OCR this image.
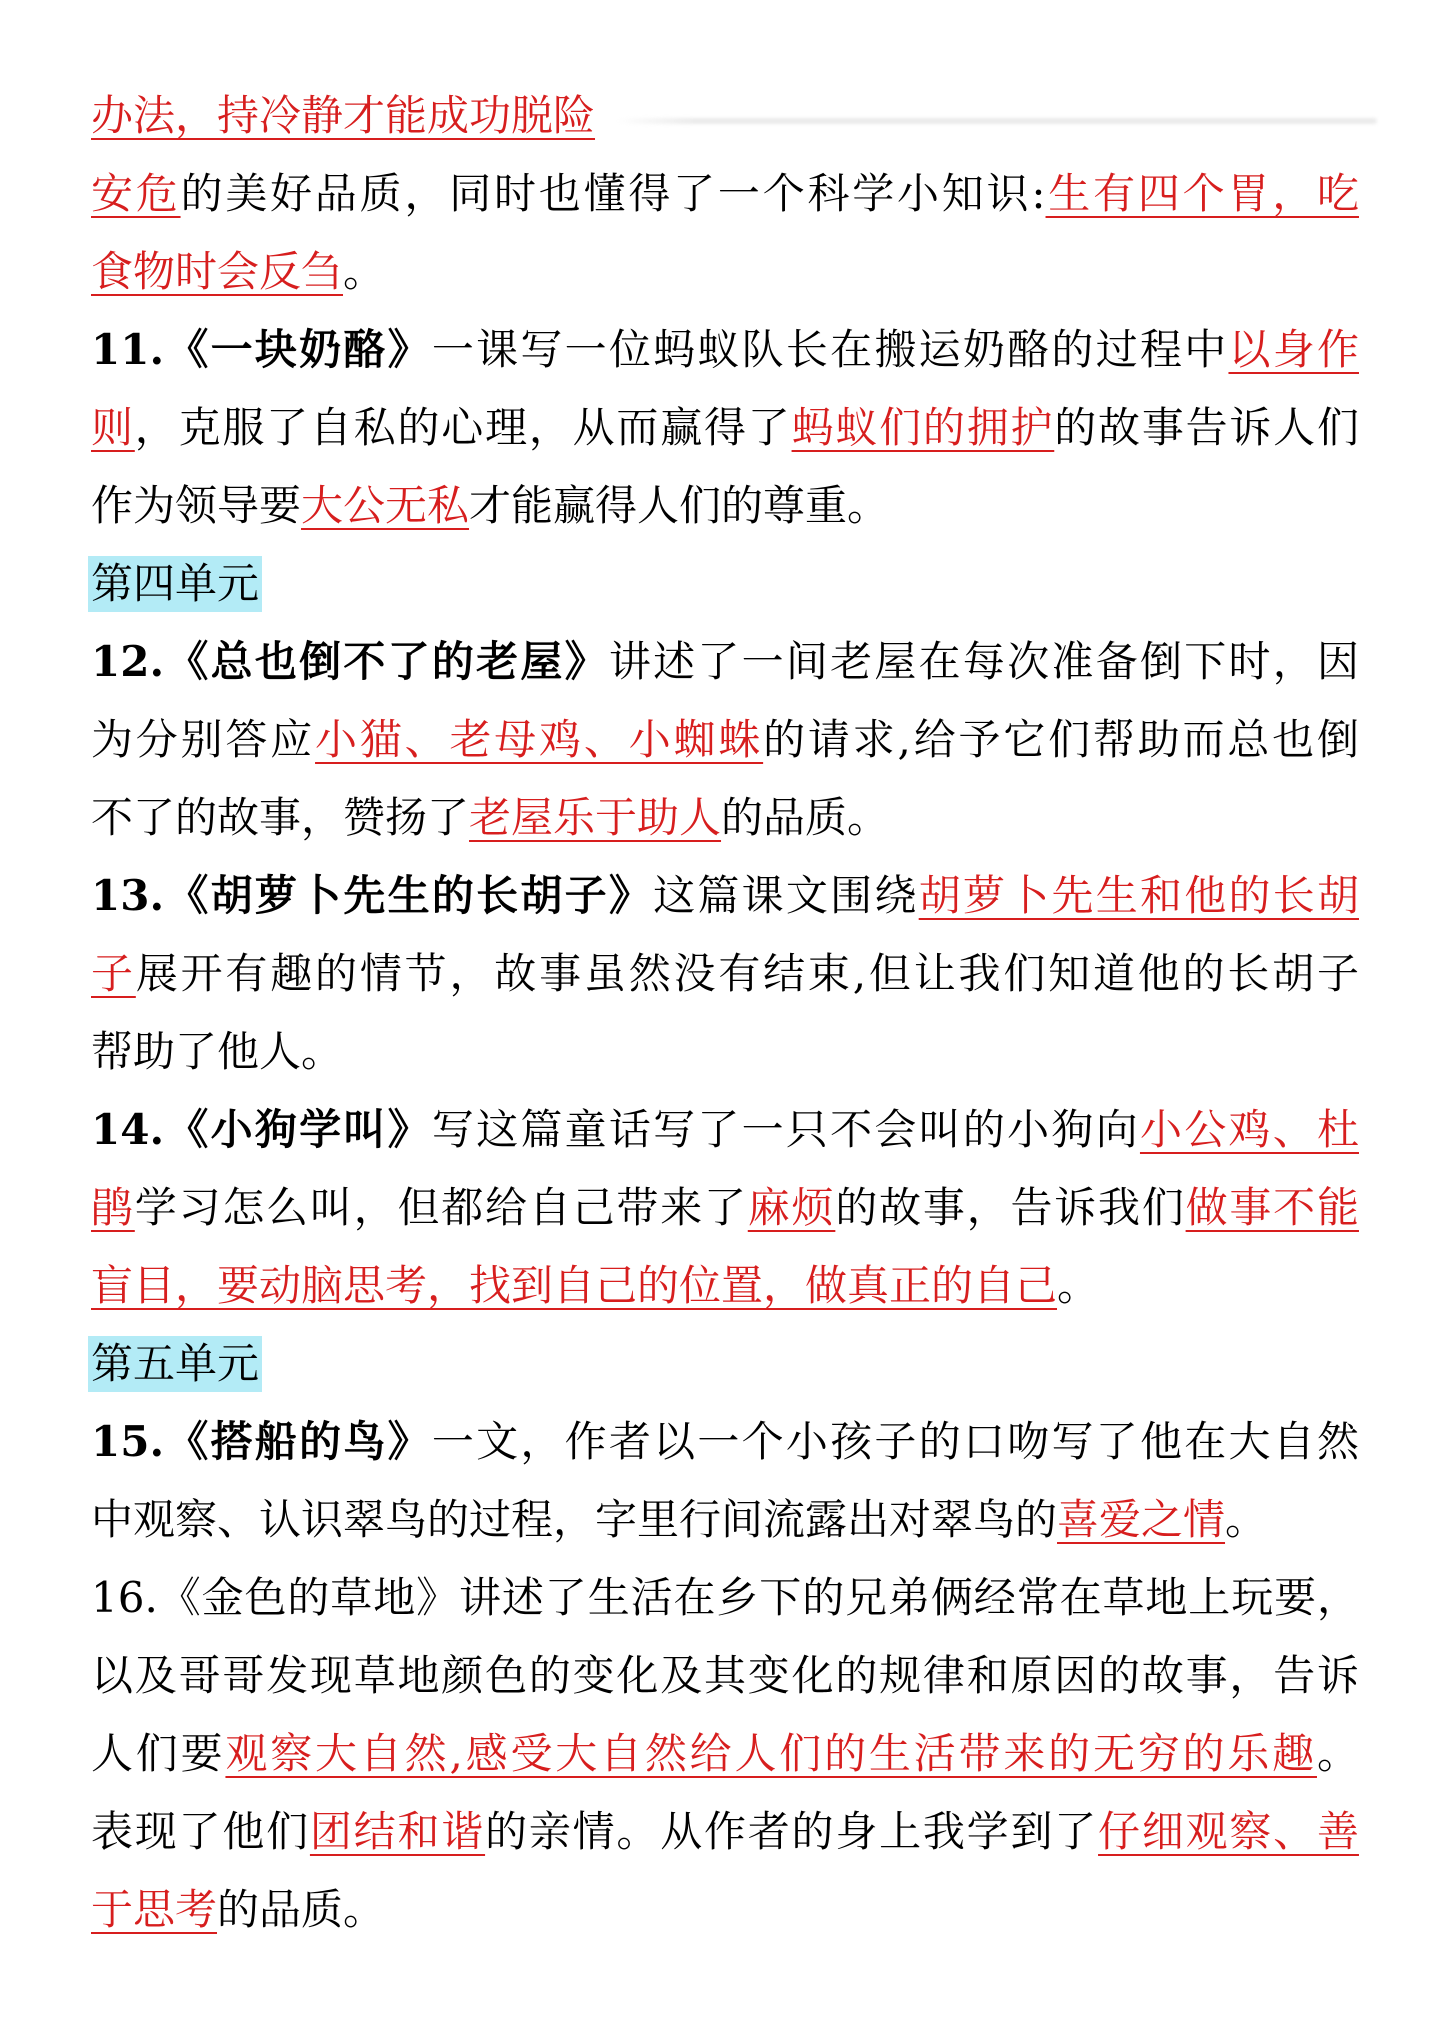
办法，持冷静才能成功脱险
安危的美好品质，同时也懂得了一个科学小知识:生有四个胃，吃
食物时会反刍。
11.《一块奶酪》一课写一位蚂蚁队长在搬运奶酪的过程中以身作
则，克服了自私的心理，从而赢得了蚂蚁们的拥护的故事告诉人们
作为领导要大公无私才能赢得人们的尊重。
第四单元
12.《总也倒不了的老屋》讲述了一间老屋在每次准备倒下时，因
为分别答应小猫、老母鸡、小蜘蛛的请求,给予它们帮助而总也倒
不了的故事，赞扬了老屋乐于助人的品质。
13.《胡萝卜先生的长胡子》这篇课文围绕胡萝卜先生和他的长胡
子展开有趣的情节，故事虽然没有结束,但让我们知道他的长胡子
帮助了他人。
14.《小狗学叫》写这篇童话写了一只不会叫的小狗向小公鸡、杜
鹃学习怎么叫，但都给自己带来了麻烦的故事，告诉我们做事不能
盲目，要动脑思考，找到自己的位置，做真正的自己。
第五单元
15.《搭船的鸟》一文，作者以一个小孩子的口吻写了他在大自然
中观察、认识翠鸟的过程，字里行间流露出对翠鸟的喜爱之情。
16.《金色的草地》讲述了生活在乡下的兄弟俩经常在草地上玩要，
以及哥哥发现草地颜色的变化及其变化的规律和原因的故事，告诉
人们要观察大自然,感受大自然给人们的生活带来的无穷的乐趣。
表现了他们团结和谐的亲情。从作者的身上我学到了仔细观察、善
于思考的品质。
